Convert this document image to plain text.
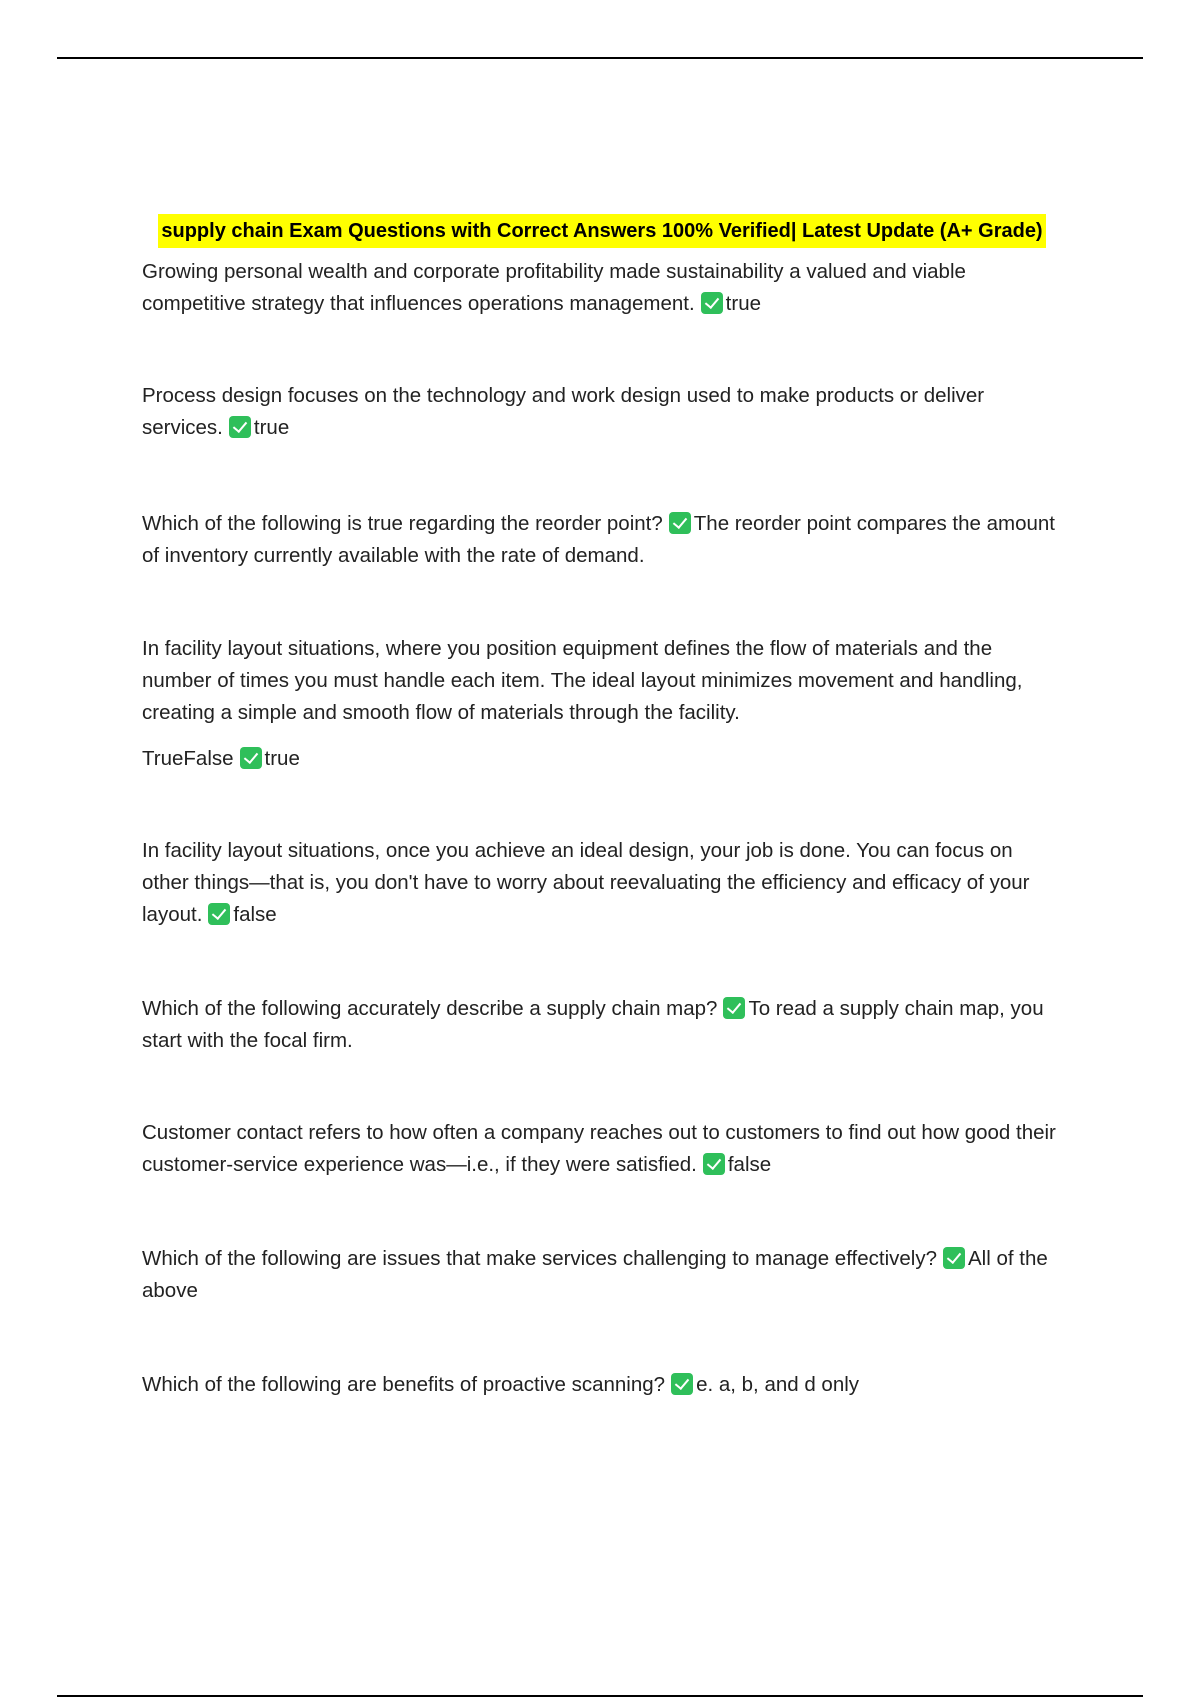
supply chain Exam Questions with Correct Answers 100% Verified| Latest Update (A+ Grade)

Growing personal wealth and corporate profitability made sustainability a valued and viable competitive strategy that influences operations management. true

Process design focuses on the technology and work design used to make products or deliver services. true

Which of the following is true regarding the reorder point? The reorder point compares the amount of inventory currently available with the rate of demand.

In facility layout situations, where you position equipment defines the flow of materials and the number of times you must handle each item. The ideal layout minimizes movement and handling, creating a simple and smooth flow of materials through the facility.

TrueFalse true

In facility layout situations, once you achieve an ideal design, your job is done. You can focus on other things—that is, you don't have to worry about reevaluating the efficiency and efficacy of your layout. false

Which of the following accurately describe a supply chain map? To read a supply chain map, you start with the focal firm.

Customer contact refers to how often a company reaches out to customers to find out how good their customer-service experience was—i.e., if they were satisfied. false

Which of the following are issues that make services challenging to manage effectively? All of the above

Which of the following are benefits of proactive scanning? e. a, b, and d only
